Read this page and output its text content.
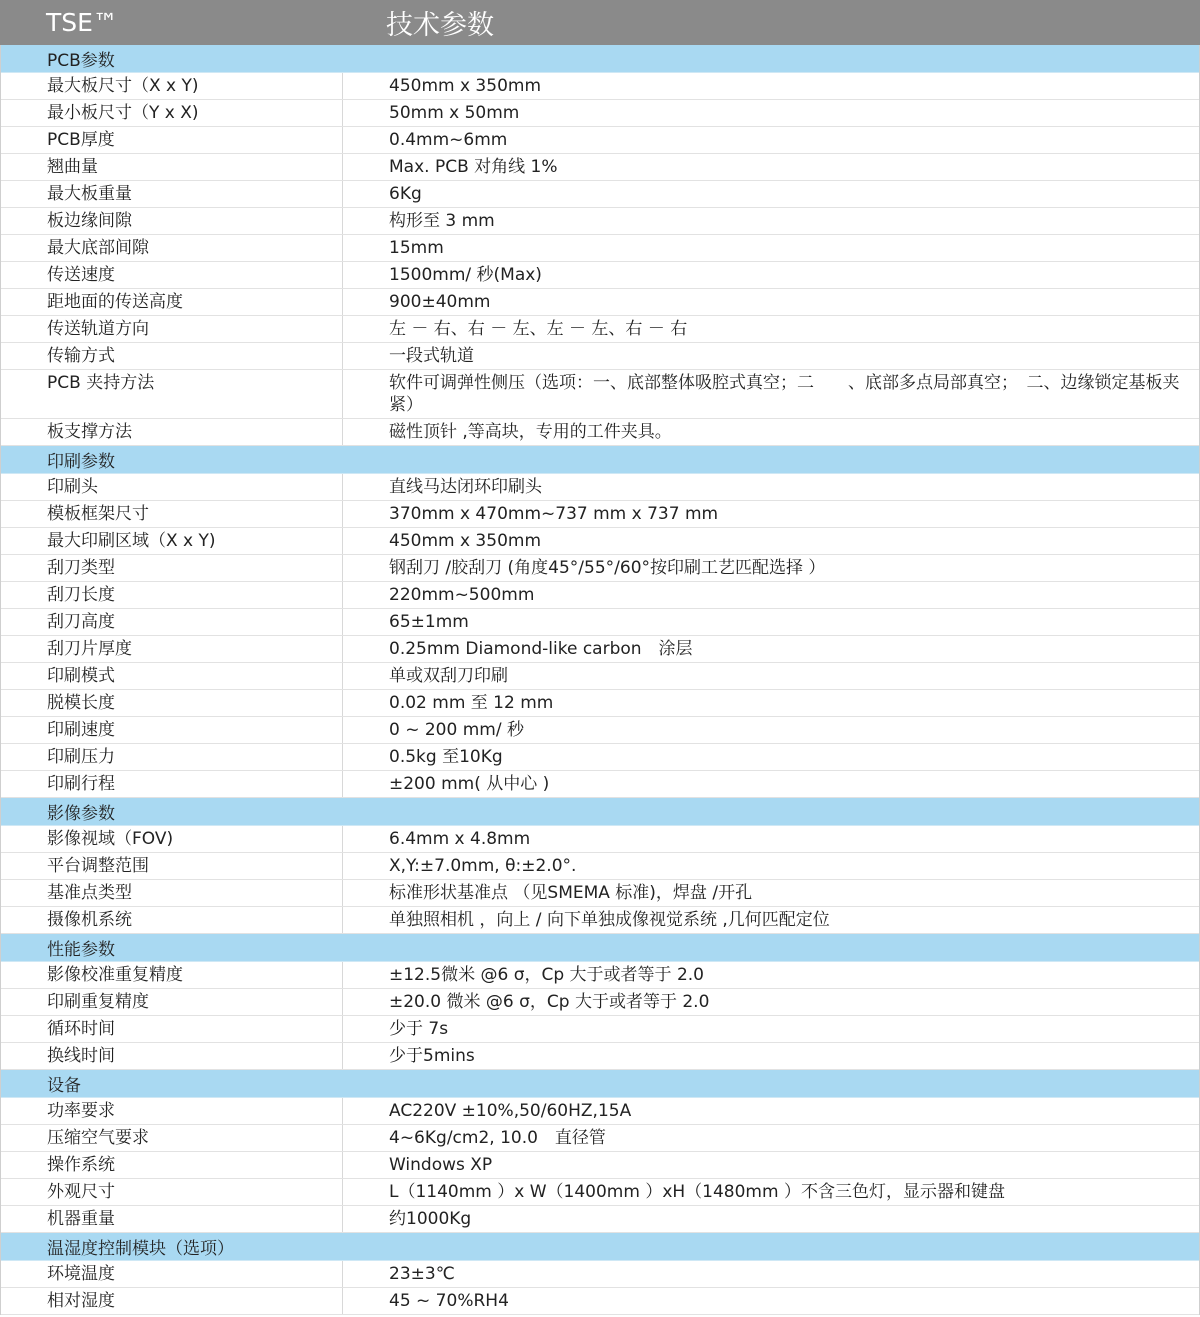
TSE™	技术参数
PCB参数
最大板尺寸（X x Y)	450mm x 350mm
最小板尺寸（Y x X)	50mm x 50mm
PCB厚度	0.4mm~6mm
翘曲量	Max. PCB 对角线 1%
最大板重量	6Kg
板边缘间隙	构形至 3 mm
最大底部间隙	15mm
传送速度	1500mm/ 秒(Max)
距地面的传送高度	900±40mm
传送轨道方向	左 － 右、右 － 左、左 － 左、右 － 右
传输方式	一段式轨道
PCB 夹持方法	软件可调弹性侧压（选项：一、底部整体吸腔式真空；二　　、底部多点局部真空；　二、边缘锁定基板夹紧）
板支撑方法	磁性顶针 ,等高块，专用的工件夹具。
印刷参数
印刷头	直线马达闭环印刷头
模板框架尺寸	370mm x 470mm~737 mm x 737 mm
最大印刷区域（X x Y)	450mm x 350mm
刮刀类型	钢刮刀 /胶刮刀 (角度45°/55°/60°按印刷工艺匹配选择 ）
刮刀长度	220mm~500mm
刮刀高度	65±1mm
刮刀片厚度	0.25mm Diamond-like carbon　涂层
印刷模式	单或双刮刀印刷
脱模长度	0.02 mm 至 12 mm
印刷速度	0 ~ 200 mm/ 秒
印刷压力	0.5kg 至10Kg
印刷行程	±200 mm( 从中心 )
影像参数
影像视域（FOV)	6.4mm x 4.8mm
平台调整范围	X,Y:±7.0mm, θ:±2.0°.
基准点类型	标准形状基准点 （见SMEMA 标准)，焊盘 /开孔
摄像机系统	单独照相机 ，向上 / 向下单独成像视觉系统 ,几何匹配定位
性能参数
影像校准重复精度	±12.5微米 @6 σ，Cp 大于或者等于 2.0
印刷重复精度	±20.0 微米 @6 σ，Cp 大于或者等于 2.0
循环时间	少于 7s
换线时间	少于5mins
设备
功率要求	AC220V ±10%,50/60HZ,15A
压缩空气要求	4~6Kg/cm2, 10.0　直径管
操作系统	Windows XP
外观尺寸	L（1140mm ）x W（1400mm ）xH（1480mm ）不含三色灯，显示器和键盘
机器重量	约1000Kg
温湿度控制模块（选项）
环境温度	23±3℃
相对湿度	45 ~ 70%RH4
